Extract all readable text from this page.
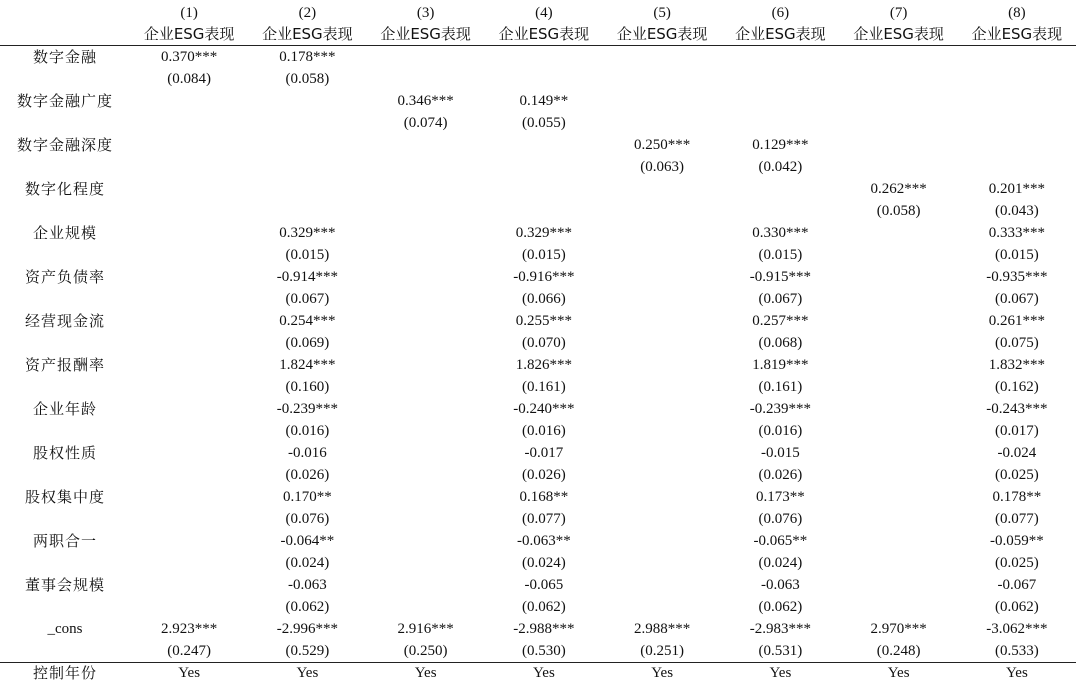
	(1)	(2)	(3)	(4)	(5)	(6)	(7)	(8)
	企业ESG表现	企业ESG表现	企业ESG表现	企业ESG表现	企业ESG表现	企业ESG表现	企业ESG表现	企业ESG表现
数字金融	0.370***	0.178***						
	(0.084)	(0.058)						
数字金融广度			0.346***	0.149**				
			(0.074)	(0.055)				
数字金融深度					0.250***	0.129***		
					(0.063)	(0.042)		
数字化程度							0.262***	0.201***
							(0.058)	(0.043)
企业规模		0.329***		0.329***		0.330***		0.333***
		(0.015)		(0.015)		(0.015)		(0.015)
资产负债率		-0.914***		-0.916***		-0.915***		-0.935***
		(0.067)		(0.066)		(0.067)		(0.067)
经营现金流		0.254***		0.255***		0.257***		0.261***
		(0.069)		(0.070)		(0.068)		(0.075)
资产报酬率		1.824***		1.826***		1.819***		1.832***
		(0.160)		(0.161)		(0.161)		(0.162)
企业年龄		-0.239***		-0.240***		-0.239***		-0.243***
		(0.016)		(0.016)		(0.016)		(0.017)
股权性质		-0.016		-0.017		-0.015		-0.024
		(0.026)		(0.026)		(0.026)		(0.025)
股权集中度		0.170**		0.168**		0.173**		0.178**
		(0.076)		(0.077)		(0.076)		(0.077)
两职合一		-0.064**		-0.063**		-0.065**		-0.059**
		(0.024)		(0.024)		(0.024)		(0.025)
董事会规模		-0.063		-0.065		-0.063		-0.067
		(0.062)		(0.062)		(0.062)		(0.062)
_cons	2.923***	-2.996***	2.916***	-2.988***	2.988***	-2.983***	2.970***	-3.062***
	(0.247)	(0.529)	(0.250)	(0.530)	(0.251)	(0.531)	(0.248)	(0.533)
控制年份	Yes	Yes	Yes	Yes	Yes	Yes	Yes	Yes
